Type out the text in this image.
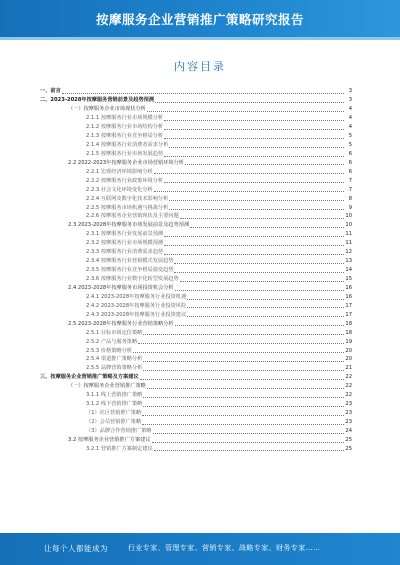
按摩服务企业营销推广策略研究报告
内容目录
一、前言	3
二、2023-2028年按摩服务营销前景及趋势预测	3
（一）按摩服务企业市场现状分析	4
2.1.1 按摩服务行业市场规模分析	4
2.1.2 按摩服务行业市场结构分析	4
2.1.3 按摩服务行业竞争格局分析	5
2.1.4 按摩服务行业消费者需求分析	5
2.1.5 按摩服务行业市场发展趋势	6
2.2 2022-2023年按摩服务企业市场营销环境分析	6
2.2.1 宏观经济环境影响分析	6
2.2.2 按摩服务行业政策环境分析	7
2.2.3 社会文化环境变化分析	7
2.2.4 互联网及数字化技术影响分析	8
2.2.5 按摩服务市场机遇与挑战分析	9
2.2.6 按摩服务企业营销现状及主要问题	10
2.3 2023-2028年按摩服务市场发展前景及趋势预测	10
2.3.1 按摩服务行业发展前景预测	11
2.3.2 按摩服务行业市场规模预测	11
2.3.3 按摩服务行业消费需求趋势	12
2.3.4 按摩服务行业营销模式发展趋势	13
2.3.5 按摩服务行业竞争格局演变趋势	14
2.3.6 按摩服务行业数字化转型发展趋势	15
2.4 2023-2028年按摩服务市场投资机会分析	16
2.4.1 2023-2028年按摩服务行业投资机遇	16
2.4.2 2023-2028年按摩服务行业投资风险	17
2.4.3 2023-2028年按摩服务行业投资建议	17
2.5 2023-2028年按摩服务行业营销策略分析	18
2.5.1 目标市场定位策略	18
2.5.2 产品与服务策略	19
2.5.3 价格策略分析	20
2.5.4 渠道推广策略分析	20
2.5.5 品牌营销策略分析	21
三、按摩服务企业营销推广策略及方案建议	22
（一）按摩服务企业营销推广策略	22
3.1.1 线上营销推广策略	22
3.1.2 线下营销推广策略	23
（1）社区营销推广策略	23
（2）会员营销推广策略	23
（3）品牌合作营销推广策略	24
3.2 按摩服务企业营销推广方案建议	25
3.2.1 营销推广方案制定建议	25
让每个人都能成为	行业专家、管理专家、营销专家、战略专家、财务专家……
